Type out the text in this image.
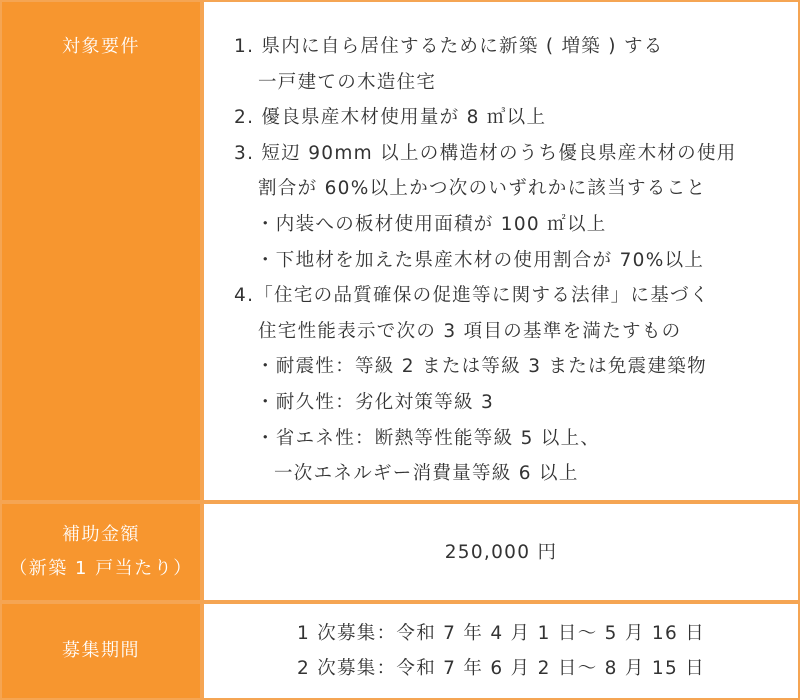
対象要件	1. 県内に自ら居住するために新築 ( 増築 ) する
一戸建ての木造住宅
2. 優良県産木材使用量が 8 ㎥以上
3. 短辺 90mm 以上の構造材のうち優良県産木材の使用
割合が 60%以上かつ次のいずれかに該当すること
・内装への板材使用面積が 100 ㎡以上
・下地材を加えた県産木材の使用割合が 70%以上
4.「住宅の品質確保の促進等に関する法律」に基づく
住宅性能表示で次の 3 項目の基準を満たすもの
・耐震性：等級 2 または等級 3 または免震建築物
・耐久性：劣化対策等級 3
・省エネ性：断熱等性能等級 5 以上、
一次エネルギー消費量等級 6 以上
補助金額
（新築 1 戸当たり）
250,000 円
募集期間
1 次募集：令和 7 年 4 月 1 日～ 5 月 16 日
2 次募集：令和 7 年 6 月 2 日～ 8 月 15 日
